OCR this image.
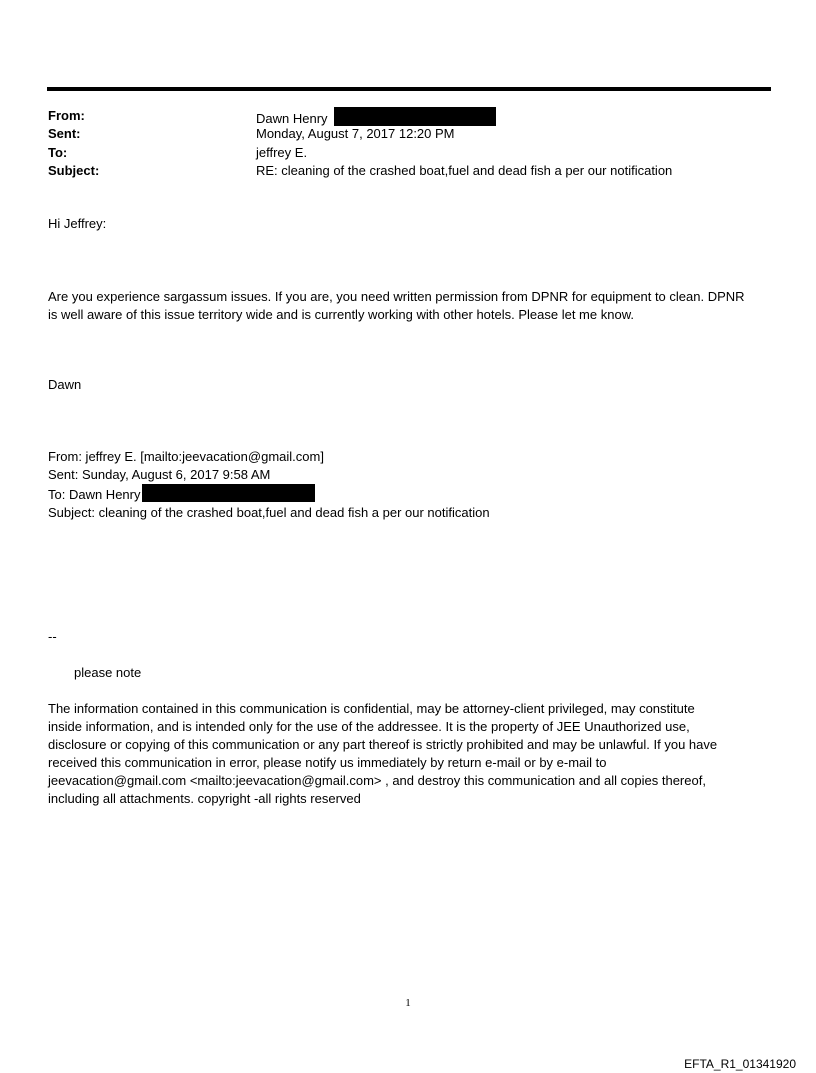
From:	Dawn Henry
Sent:	Monday, August 7, 2017 12:20 PM
To:	jeffrey E.
Subject:	RE: cleaning of the crashed boat,fuel and dead fish a per our notification
Hi Jeffrey:
Are you experience sargassum issues. If you are, you need written permission from DPNR for equipment to clean. DPNR
is well aware of this issue territory wide and is currently working with other hotels. Please let me know.
Dawn
From: jeffrey E. [mailto:jeevacation@gmail.com]
Sent: Sunday, August 6, 2017 9:58 AM
To: Dawn Henry
Subject: cleaning of the crashed boat,fuel and dead fish a per our notification
--
please note
The information contained in this communication is confidential, may be attorney-client privileged, may constitute
inside information, and is intended only for the use of the addressee. It is the property of JEE Unauthorized use,
disclosure or copying of this communication or any part thereof is strictly prohibited and may be unlawful. If you have
received this communication in error, please notify us immediately by return e-mail or by e-mail to
jeevacation@gmail.com <mailto:jeevacation@gmail.com> , and destroy this communication and all copies thereof,
including all attachments. copyright -all rights reserved
1
EFTA_R1_01341920
